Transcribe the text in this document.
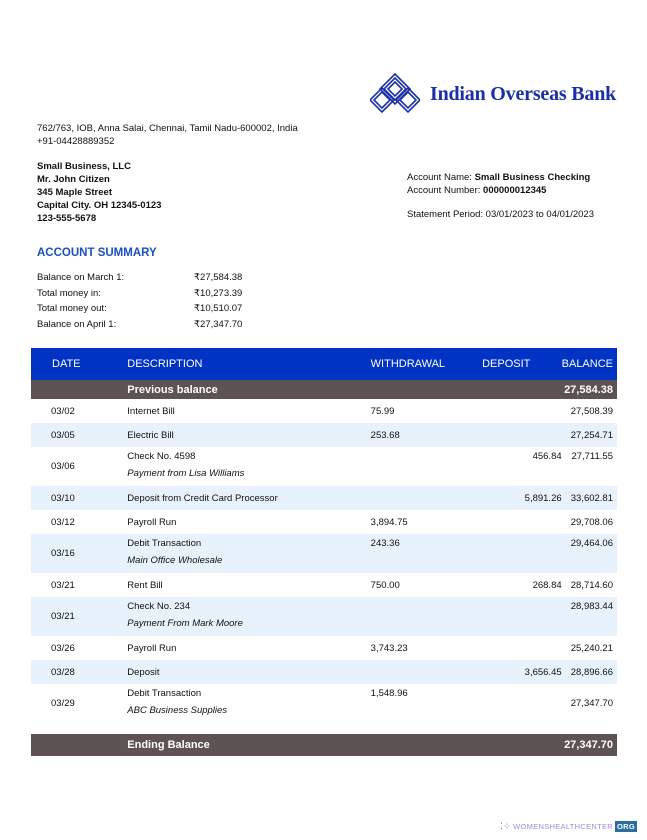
Indian Overseas Bank
762/763, IOB, Anna Salai, Chennai, Tamil Nadu-600002, India
+91-04428889352
Small Business, LLC
Mr. John Citizen
345 Maple Street
Capital City. OH 12345-0123
123-555-5678
Account Name: Small Business Checking
Account Number: 000000012345
Statement Period: 03/01/2023 to 04/01/2023
ACCOUNT SUMMARY
Balance on March 1:	₹27,584.38
Total money in:	₹10,273.39
Total money out:	₹10,510.07
Balance on April 1:	₹27,347.70
DATE	DESCRIPTION	WITHDRAWAL	DEPOSIT	BALANCE
	Previous balance			27,584.38
03/02	Internet Bill	75.99		27,508.39
03/05	Electric Bill	253.68		27,254.71
03/06	Check No. 4598
Payment from Lisa Williams		456.84	27,711.55
03/10	Deposit from Credit Card Processor		5,891.26	33,602.81
03/12	Payroll Run	3,894.75		29,708.06
03/16	Debit Transaction
Main Office Wholesale	243.36		29,464.06
03/21	Rent Bill	750.00	268.84	28,714.60
03/21	Check No. 234
Payment From Mark Moore			28,983.44
03/26	Payroll Run	3,743.23		25,240.21
03/28	Deposit		3,656.45	28,896.66
03/29	Debit Transaction
ABC Business Supplies	1,548.96		27,347.70

	Ending Balance			27,347.70
⁚⁘ WOMENSHEALTHCENTER ORG
